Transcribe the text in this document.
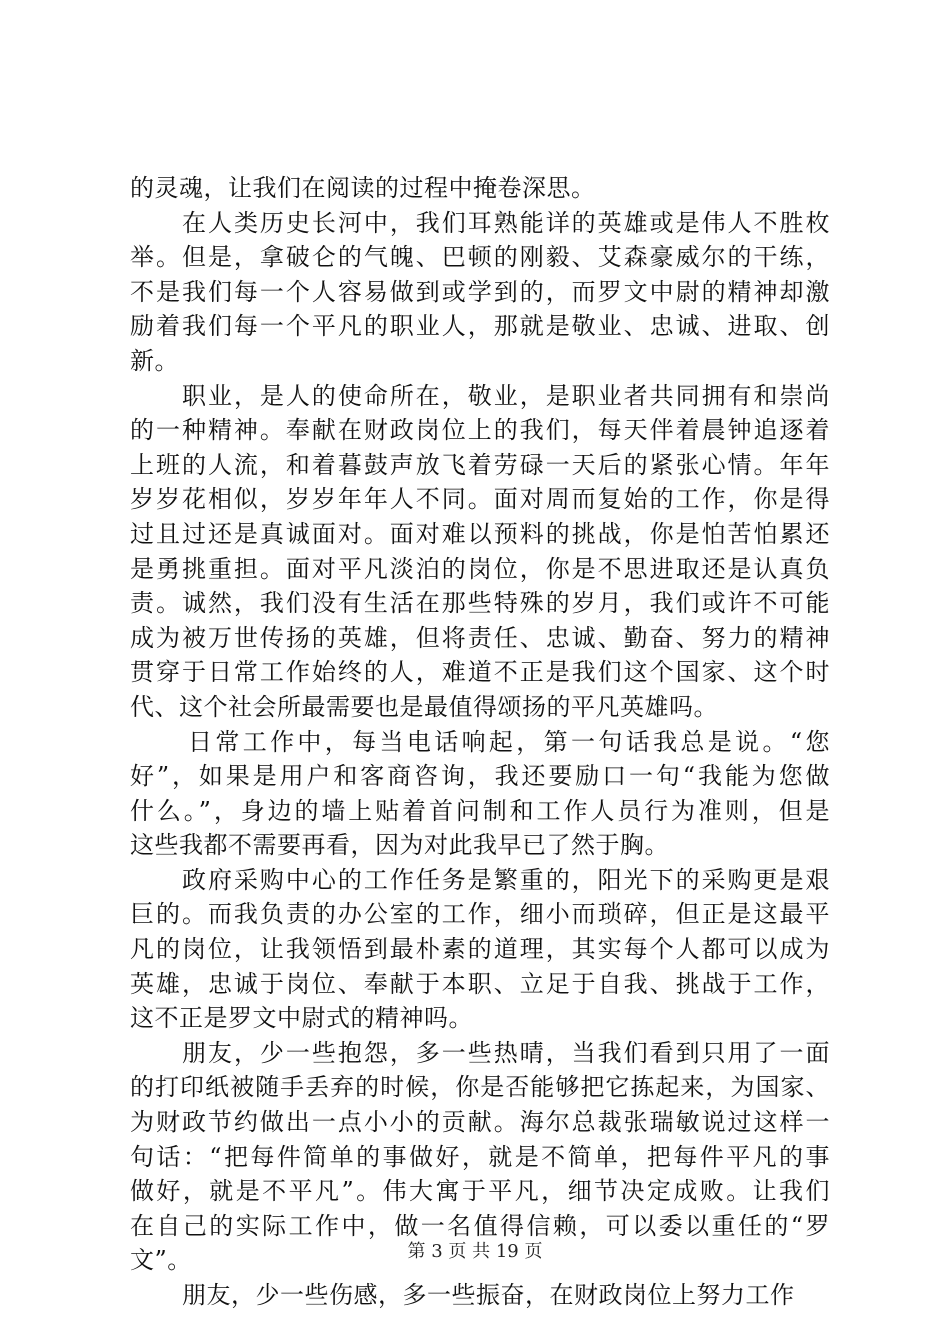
的灵魂，让我们在阅读的过程中掩卷深思。
在人类历史长河中，我们耳熟能详的英雄或是伟人不胜枚
举。但是，拿破仑的气魄、巴顿的刚毅、艾森豪威尔的干练，
不是我们每一个人容易做到或学到的，而罗文中尉的精神却激
励着我们每一个平凡的职业人，那就是敬业、忠诚、进取、创
新。
职业，是人的使命所在，敬业，是职业者共同拥有和崇尚
的一种精神。奉献在财政岗位上的我们，每天伴着晨钟追逐着
上班的人流，和着暮鼓声放飞着劳碌一天后的紧张心情。年年
岁岁花相似，岁岁年年人不同。面对周而复始的工作，你是得
过且过还是真诚面对。面对难以预料的挑战，你是怕苦怕累还
是勇挑重担。面对平凡淡泊的岗位，你是不思进取还是认真负
责。诚然，我们没有生活在那些特殊的岁月，我们或许不可能
成为被万世传扬的英雄，但将责任、忠诚、勤奋、努力的精神
贯穿于日常工作始终的人，难道不正是我们这个国家、这个时
代、这个社会所最需要也是最值得颂扬的平凡英雄吗。
日常工作中，每当电话响起，第一句话我总是说。“您
好”，如果是用户和客商咨询，我还要励口一句“我能为您做
什么。”，身边的墙上贴着首问制和工作人员行为准则，但是
这些我都不需要再看，因为对此我早已了然于胸。
政府采购中心的工作任务是繁重的，阳光下的采购更是艰
巨的。而我负责的办公室的工作，细小而琐碎，但正是这最平
凡的岗位，让我领悟到最朴素的道理，其实每个人都可以成为
英雄，忠诚于岗位、奉献于本职、立足于自我、挑战于工作，
这不正是罗文中尉式的精神吗。
朋友，少一些抱怨，多一些热晴，当我们看到只用了一面
的打印纸被随手丢弃的时候，你是否能够把它拣起来，为国家、
为财政节约做出一点小小的贡献。海尔总裁张瑞敏说过这样一
句话：“把每件简单的事做好，就是不简单，把每件平凡的事
做好，就是不平凡”。伟大寓于平凡，细节决定成败。让我们
在自己的实际工作中，做一名值得信赖，可以委以重任的“罗
文”。
朋友，少一些伤感，多一些振奋，在财政岗位上努力工作
第 3 页 共 19 页
